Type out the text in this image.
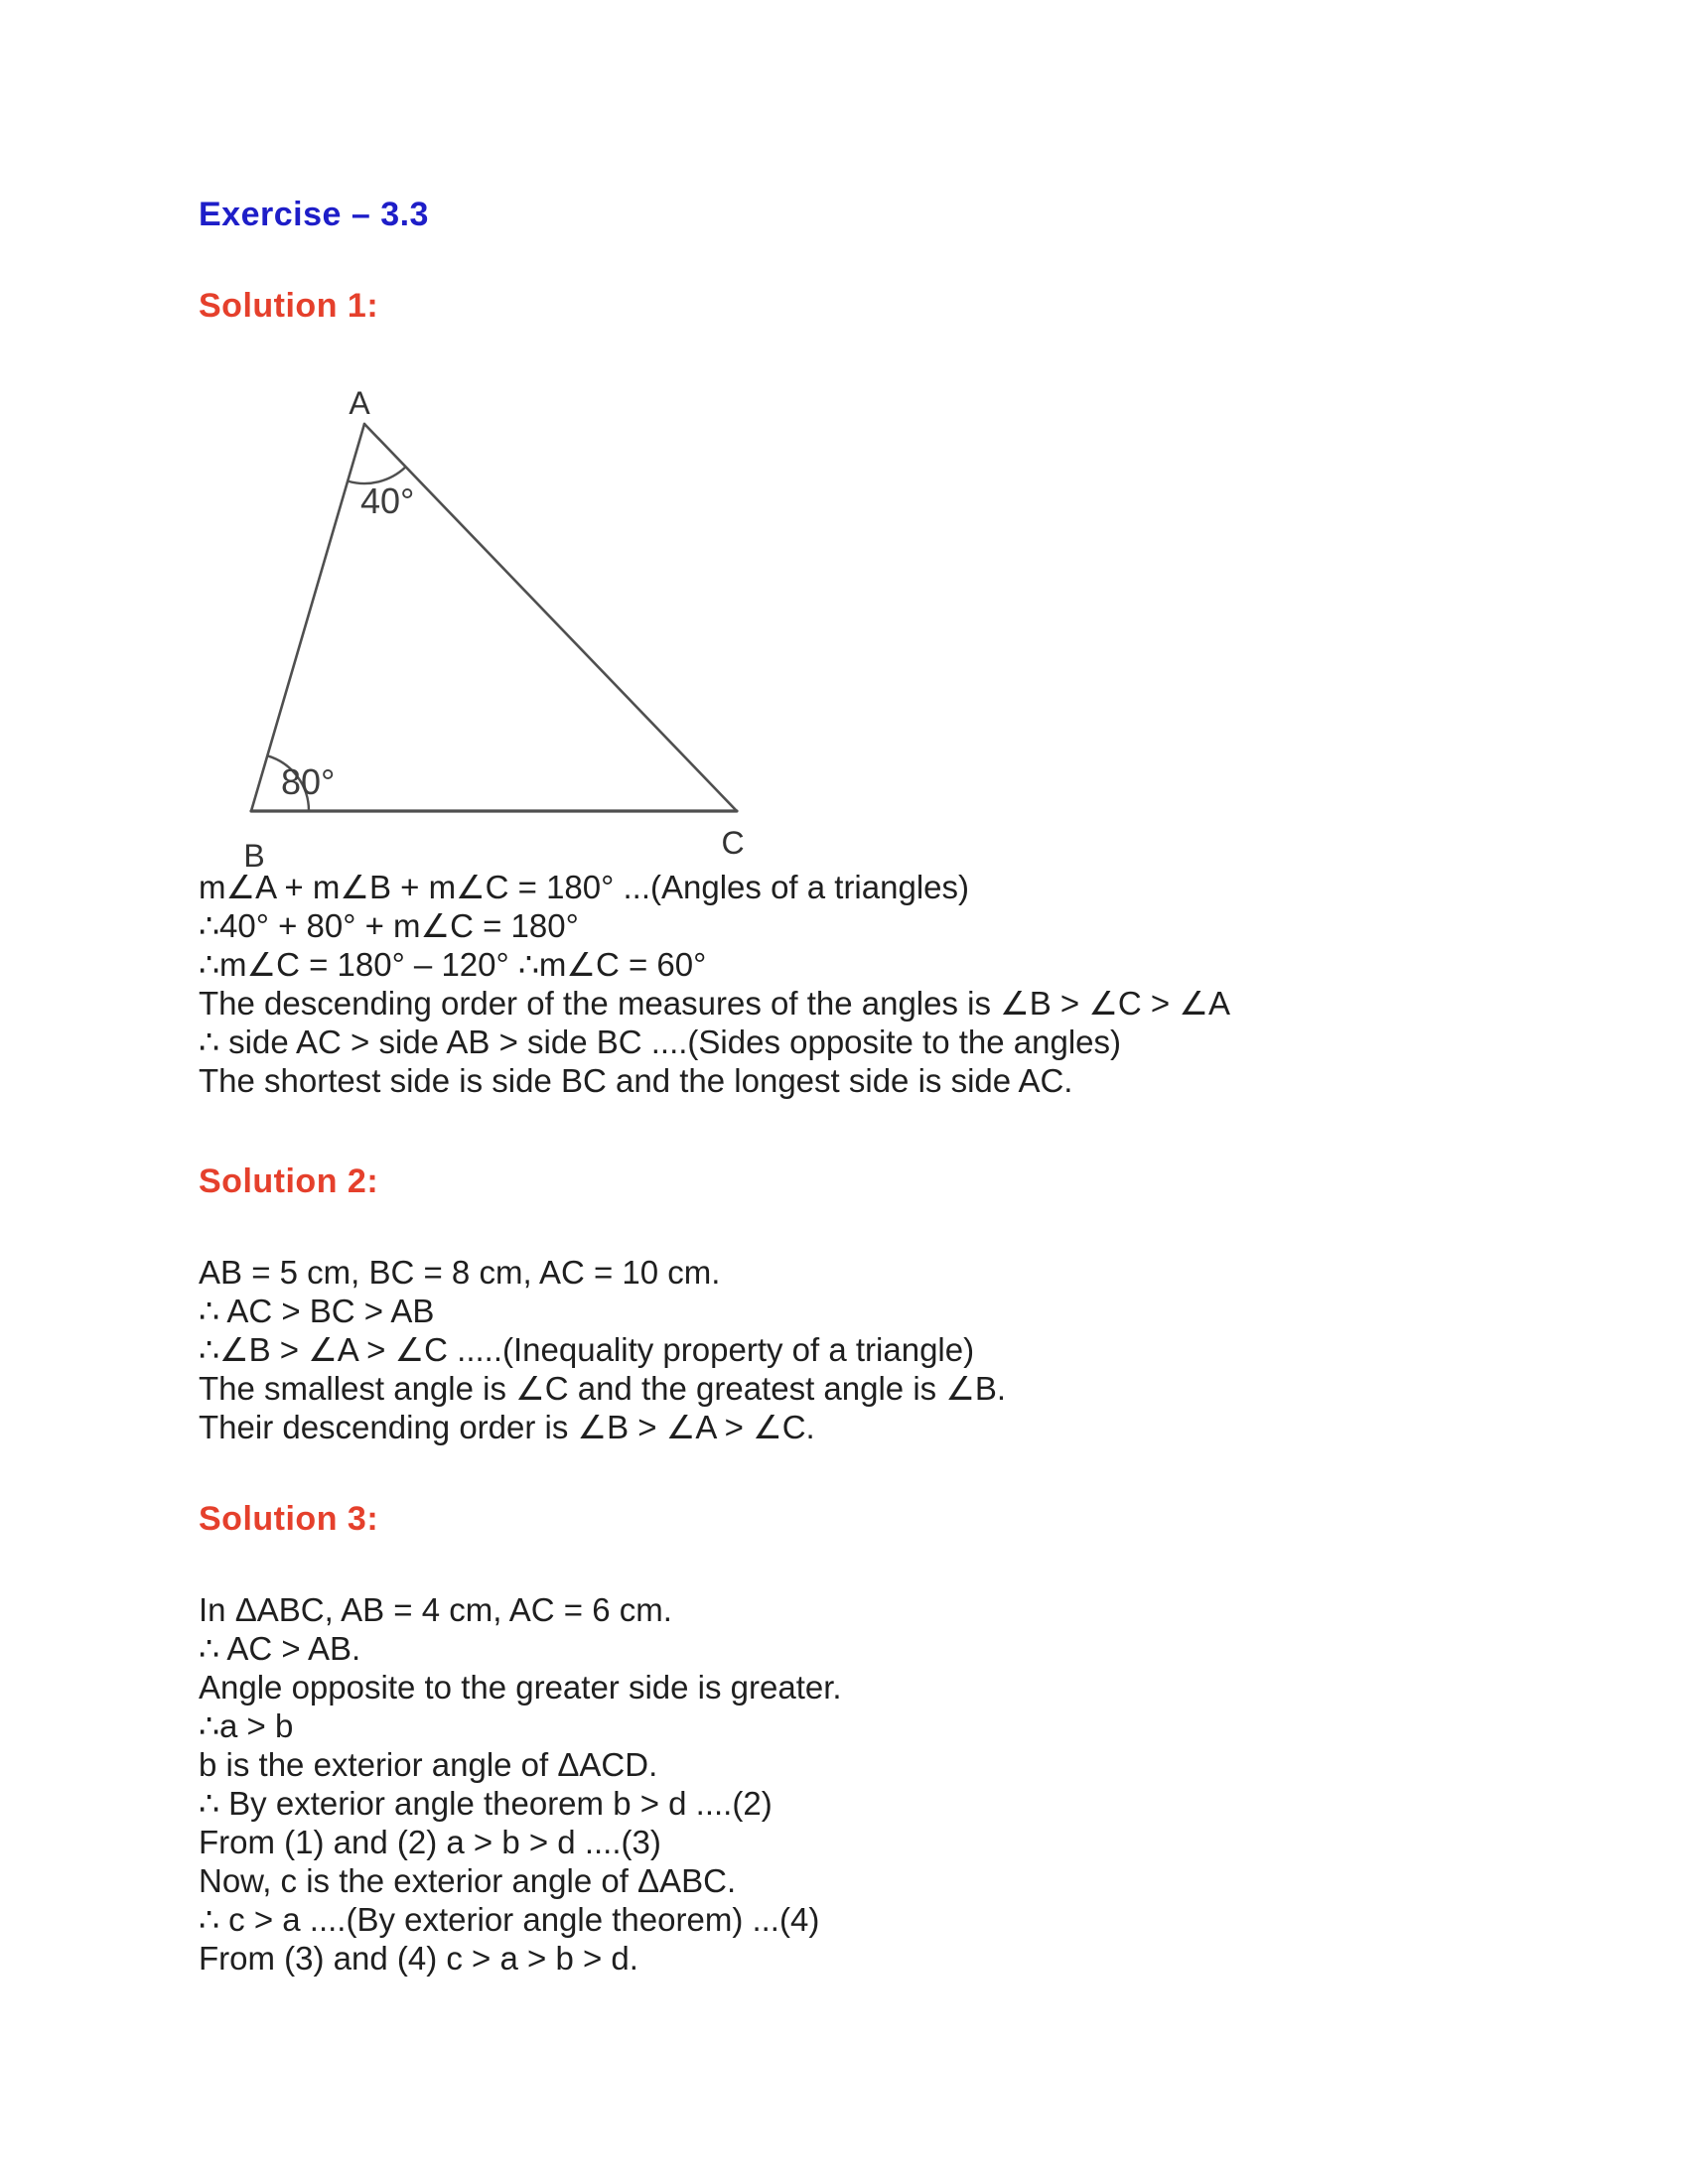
Exercise – 3.3
Solution 1:
A
B	C
40°
80°
m∠A + m∠B + m∠C = 180° ...(Angles of a triangles)
∴40° + 80° + m∠C = 180°
∴m∠C = 180° – 120° ∴m∠C = 60°
The descending order of the measures of the angles is ∠B > ∠C > ∠A
∴ side AC > side AB > side BC ....(Sides opposite to the angles)
The shortest side is side BC and the longest side is side AC.
Solution 2:
AB = 5 cm, BC = 8 cm, AC = 10 cm.
∴ AC > BC > AB
∴∠B > ∠A > ∠C .....(Inequality property of a triangle)
The smallest angle is ∠C and the greatest angle is ∠B.
Their descending order is ∠B > ∠A > ∠C.
Solution 3:
In ΔABC, AB = 4 cm, AC = 6 cm.
∴ AC > AB.
Angle opposite to the greater side is greater.
∴a > b
b is the exterior angle of ΔACD.
∴ By exterior angle theorem b > d ....(2)
From (1) and (2) a > b > d ....(3)
Now, c is the exterior angle of ΔABC.
∴ c > a ....(By exterior angle theorem) ...(4)
From (3) and (4) c > a > b > d.
